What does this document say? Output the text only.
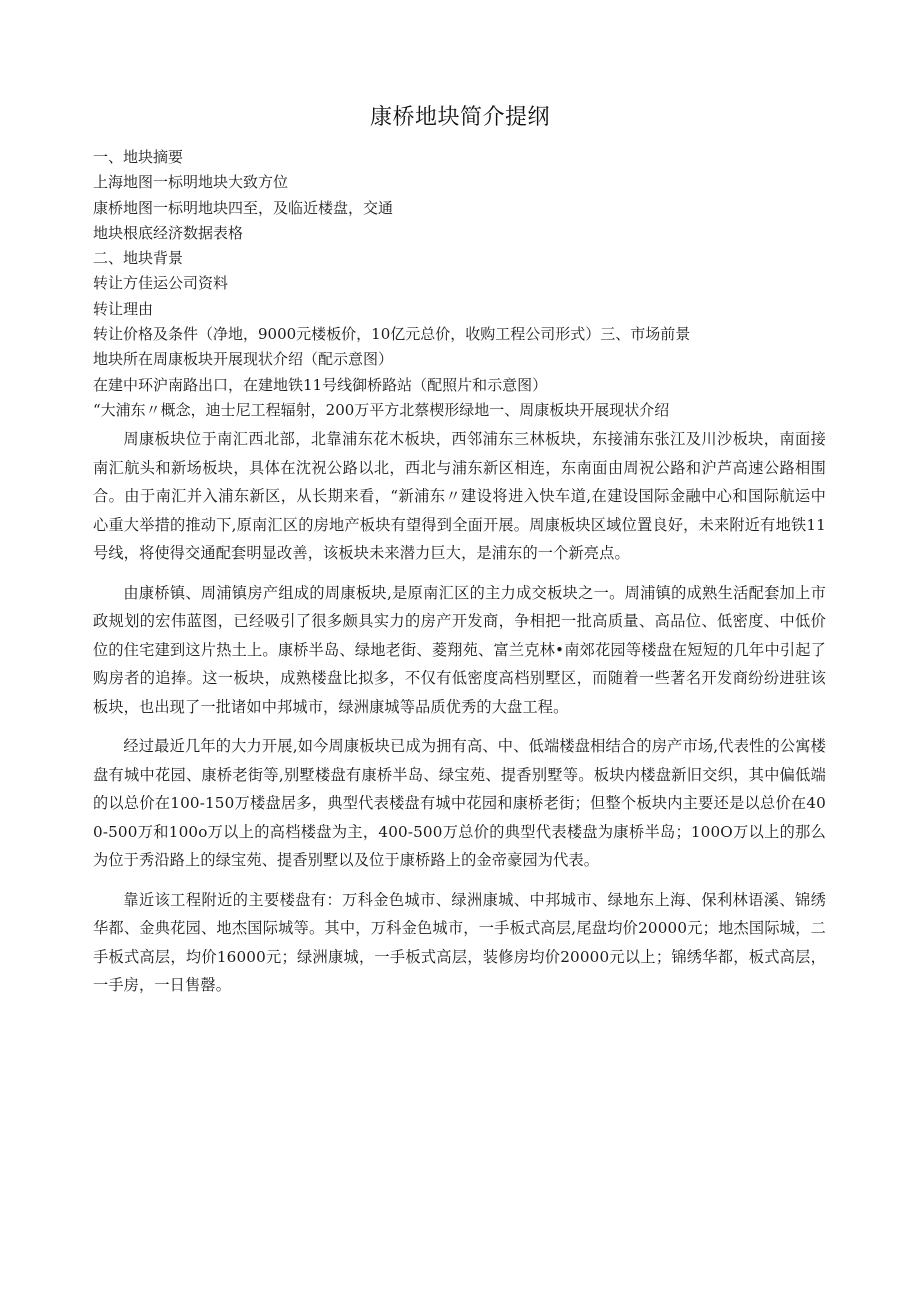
康桥地块简介提纲
一、地块摘要
上海地图一标明地块大致方位
康桥地图一标明地块四至，及临近楼盘，交通
地块根底经济数据表格
二、地块背景
转让方佳运公司资料
转让理由
转让价格及条件（净地，9000元楼板价，10亿元总价，收购工程公司形式）三、市场前景
地块所在周康板块开展现状介绍（配示意图）
在建中环沪南路出口，在建地铁11号线御桥路站（配照片和示意图）
“大浦东〃概念，迪士尼工程辐射，200万平方北蔡楔形绿地一、周康板块开展现状介绍

周康板块位于南汇西北部，北靠浦东花木板块，西邻浦东三林板块，东接浦东张江及川沙板块，南面接南汇航头和新场板块，具体在沈祝公路以北，西北与浦东新区相连，东南面由周祝公路和沪芦高速公路相围合。由于南汇并入浦东新区，从长期来看，“新浦东〃建设将进入快车道,在建设国际金融中心和国际航运中心重大举措的推动下,原南汇区的房地产板块有望得到全面开展。周康板块区域位置良好，未来附近有地铁11号线，将使得交通配套明显改善，该板块未来潜力巨大，是浦东的一个新亮点。

由康桥镇、周浦镇房产组成的周康板块,是原南汇区的主力成交板块之一。周浦镇的成熟生活配套加上市政规划的宏伟蓝图，已经吸引了很多颇具实力的房产开发商，争相把一批高质量、高品位、低密度、中低价位的住宅建到这片热土上。康桥半岛、绿地老街、菱翔苑、富兰克林•南郊花园等楼盘在短短的几年中引起了购房者的追捧。这一板块，成熟楼盘比拟多，不仅有低密度高档别墅区，而随着一些著名开发商纷纷进驻该板块，也出现了一批诸如中邦城市，绿洲康城等品质优秀的大盘工程。

经过最近几年的大力开展,如今周康板块已成为拥有高、中、低端楼盘相结合的房产市场,代表性的公寓楼盘有城中花园、康桥老街等,别墅楼盘有康桥半岛、绿宝苑、提香别墅等。板块内楼盘新旧交织，其中偏低端的以总价在100-150万楼盘居多，典型代表楼盘有城中花园和康桥老街；但整个板块内主要还是以总价在400-500万和100o万以上的高档楼盘为主，400-500万总价的典型代表楼盘为康桥半岛；100O万以上的那么为位于秀沿路上的绿宝苑、提香别墅以及位于康桥路上的金帝豪园为代表。

靠近该工程附近的主要楼盘有：万科金色城市、绿洲康城、中邦城市、绿地东上海、保利林语溪、锦绣华都、金典花园、地杰国际城等。其中，万科金色城市，一手板式高层,尾盘均价20000元；地杰国际城，二手板式高层，均价16000元；绿洲康城，一手板式高层，装修房均价20000元以上；锦绣华都，板式高层，一手房，一日售罄。
